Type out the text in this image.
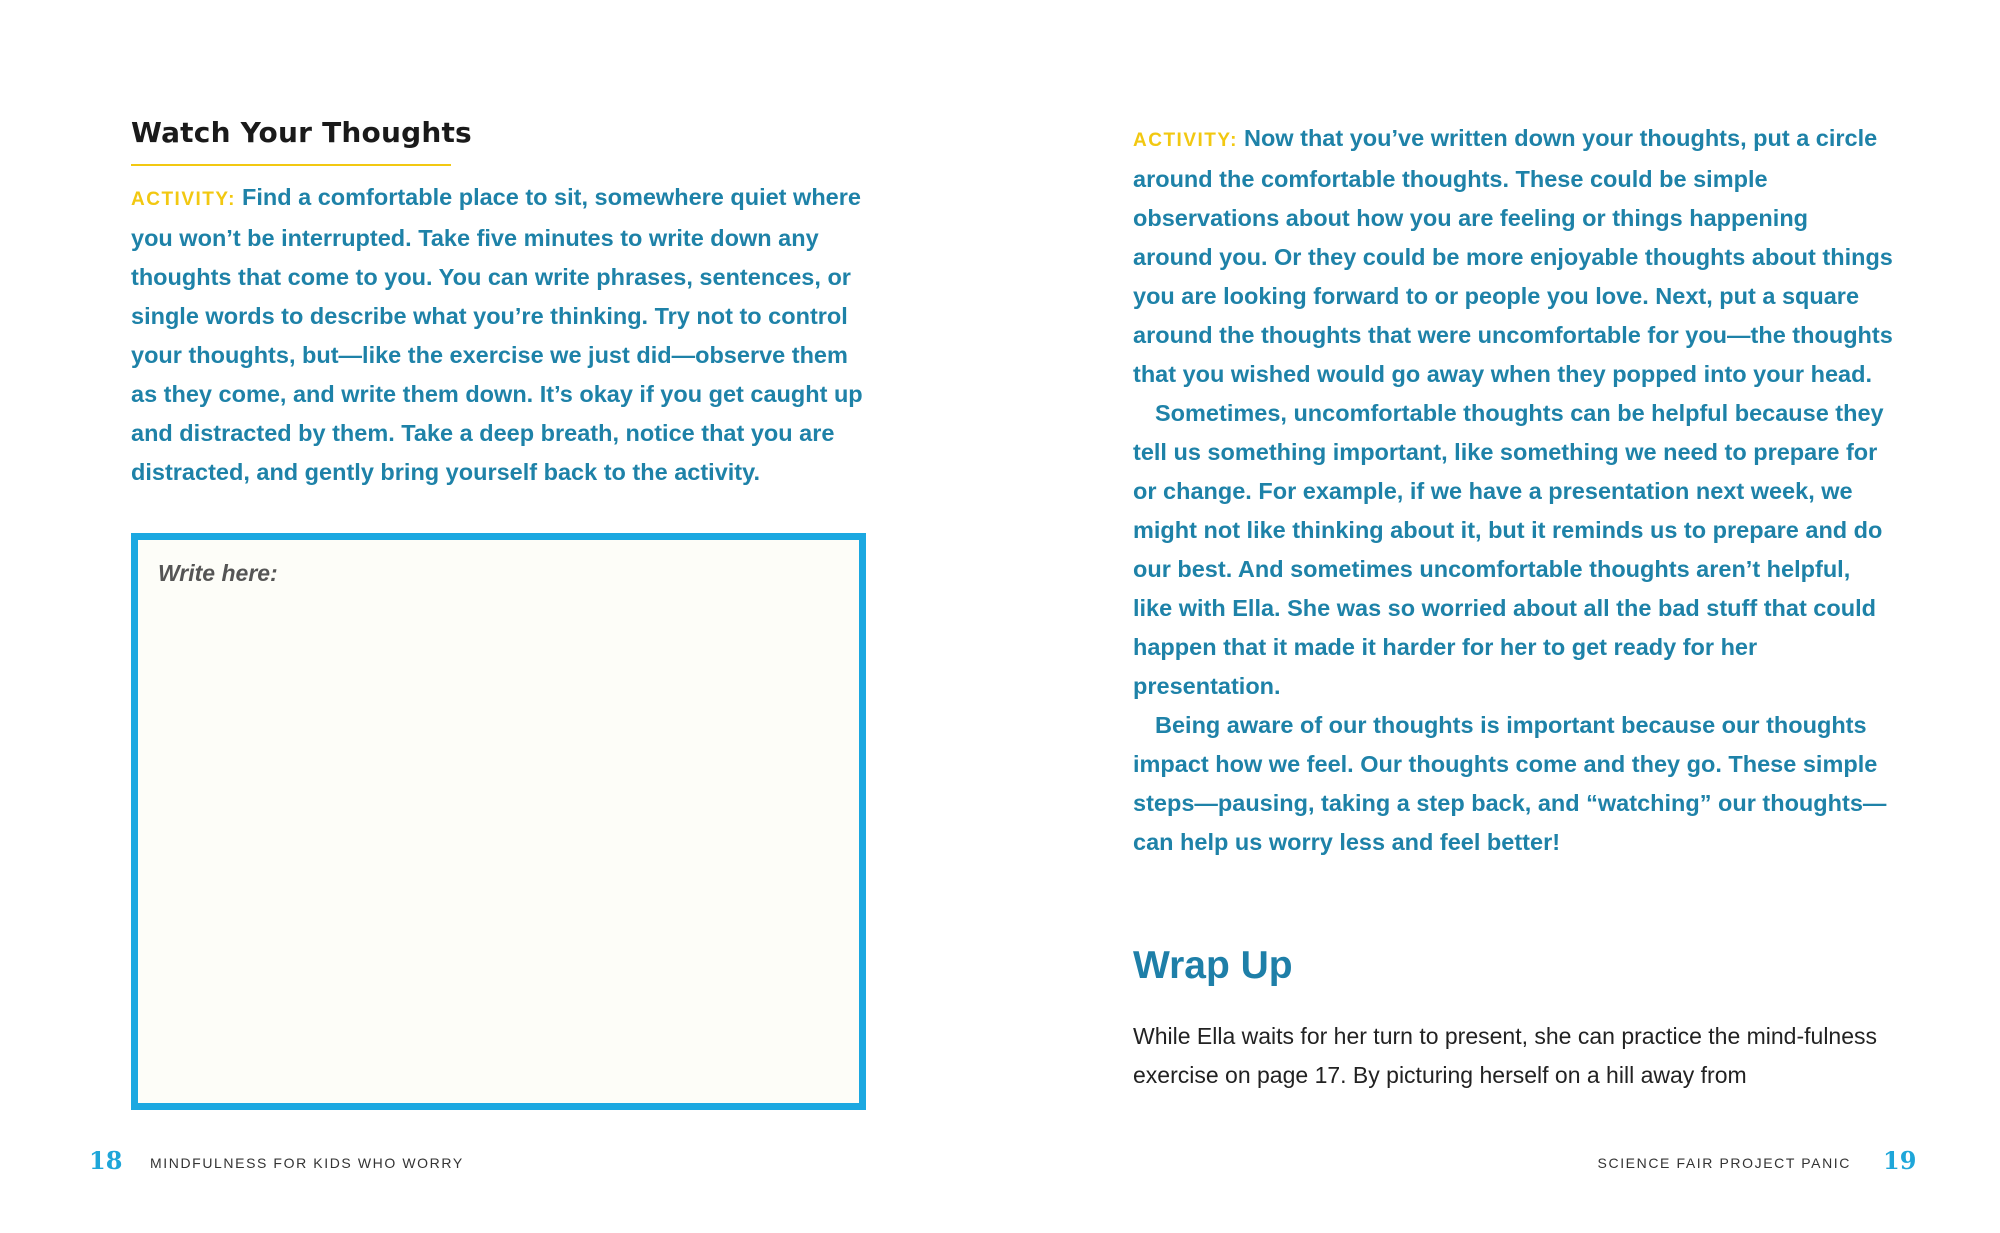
Watch Your Thoughts

ACTIVITY: Find a comfortable place to sit, somewhere quiet where you won’t be interrupted. Take five minutes to write down any thoughts that come to you. You can write phrases, sentences, or single words to describe what you’re thinking. Try not to control your thoughts, but—like the exercise we just did—observe them as they come, and write them down. It’s okay if you get caught up and distracted by them. Take a deep breath, notice that you are distracted, and gently bring yourself back to the activity.

Write here:
18 MINDFULNESS FOR KIDS WHO WORRY
ACTIVITY: Now that you’ve written down your thoughts, put a circle around the comfortable thoughts. These could be simple observations about how you are feeling or things happening around you. Or they could be more enjoyable thoughts about things you are looking forward to or people you love. Next, put a square around the thoughts that were uncomfortable for you—the thoughts that you wished would go away when they popped into your head.
Sometimes, uncomfortable thoughts can be helpful because they tell us something important, like something we need to prepare for or change. For example, if we have a presentation next week, we might not like thinking about it, but it reminds us to prepare and do our best. And sometimes uncomfortable thoughts aren’t helpful, like with Ella. She was so worried about all the bad stuff that could happen that it made it harder for her to get ready for her presentation.
Being aware of our thoughts is important because our thoughts impact how we feel. Our thoughts come and they go. These simple steps—pausing, taking a step back, and “watching” our thoughts—can help us worry less and feel better!
Wrap Up

While Ella waits for her turn to present, she can practice the mind-fulness exercise on page 17. By picturing herself on a hill away from

SCIENCE FAIR PROJECT PANIC 19
